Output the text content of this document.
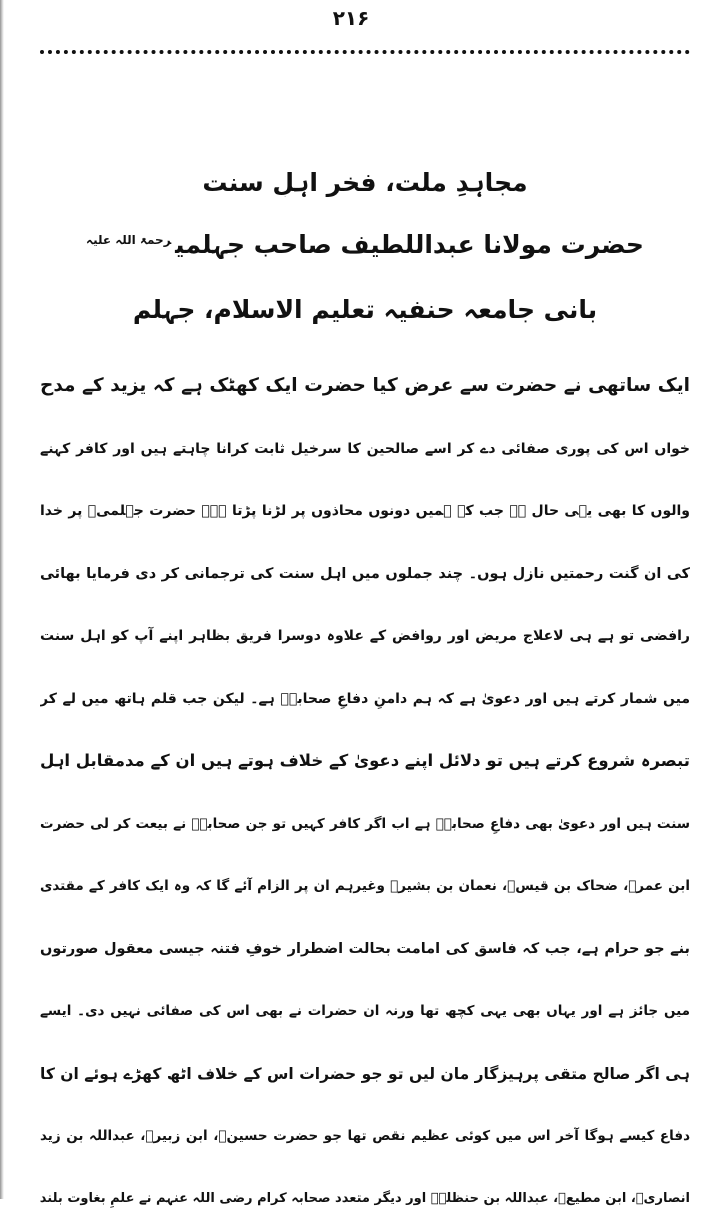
۲۱۶
مجاہدِ ملت، فخرِ اہلِ سنت
حضرت مولانا عبداللطیف صاحب جہلمی$^{رحمۃ اللہ علیہ}$
بانی جامعہ حنفیہ تعلیم الاسلام، جہلم
ایک ساتھی نے حضرت سے عرض کیا حضرت ایک کھٹک ہے کہ یزید کے مدح
خواں اس کی پوری صفائی دے کر اسے صالحین کا سرخیل ثابت کرانا چاہتے ہیں اور کافر کہنے
والوں کا بھی یہی حال ہے جب کہ ہمیں دونوں محاذوں پر لڑنا پڑتا ہے۔ حضرت جہلمیؒ پر خدا
کی ان گنت رحمتیں نازل ہوں۔ چند جملوں میں اہل سنت کی ترجمانی کر دی فرمایا بھائی
رافضی تو ہے ہی لاعلاج مریض اور روافض کے علاوہ دوسرا فریق بظاہر اپنے آپ کو اہل سنت
میں شمار کرتے ہیں اور دعویٰ ہے کہ ہم دامنِ دفاعِ صحابہؓ ہے۔ لیکن جب قلم ہاتھ میں لے کر
تبصرہ شروع کرتے ہیں تو دلائل اپنے دعویٰ کے خلاف ہوتے ہیں ان کے مدمقابل اہل
سنت ہیں اور دعویٰ بھی دفاعِ صحابہؓ ہے اب اگر کافر کہیں تو جن صحابہؓ نے بیعت کر لی حضرت
ابن عمرؓ، ضحاک بن قیسؓ، نعمان بن بشیرؓ وغیرہم ان پر الزام آئے گا کہ وہ ایک کافر کے مقتدی
بنے جو حرام ہے، جب کہ فاسق کی امامت بحالت اضطرار خوفِ فتنہ جیسی معقول صورتوں
میں جائز ہے اور یہاں بھی یہی کچھ تھا ورنہ ان حضرات نے بھی اس کی صفائی نہیں دی۔ ایسے
ہی اگر صالح متقی پرہیزگار مان لیں تو جو حضرات اس کے خلاف اٹھ کھڑے ہوئے ان کا
دفاع کیسے ہوگا آخر اس میں کوئی عظیم نقص تھا جو حضرت حسینؓ، ابن زبیرؓ، عبداللہ بن زید
انصاریؓ، ابن مطیعؒ، عبداللہ بن حنظلہؓ اور دیگر متعدد صحابہ کرام رضی اللہ عنہم نے علمِ بغاوت بلند
